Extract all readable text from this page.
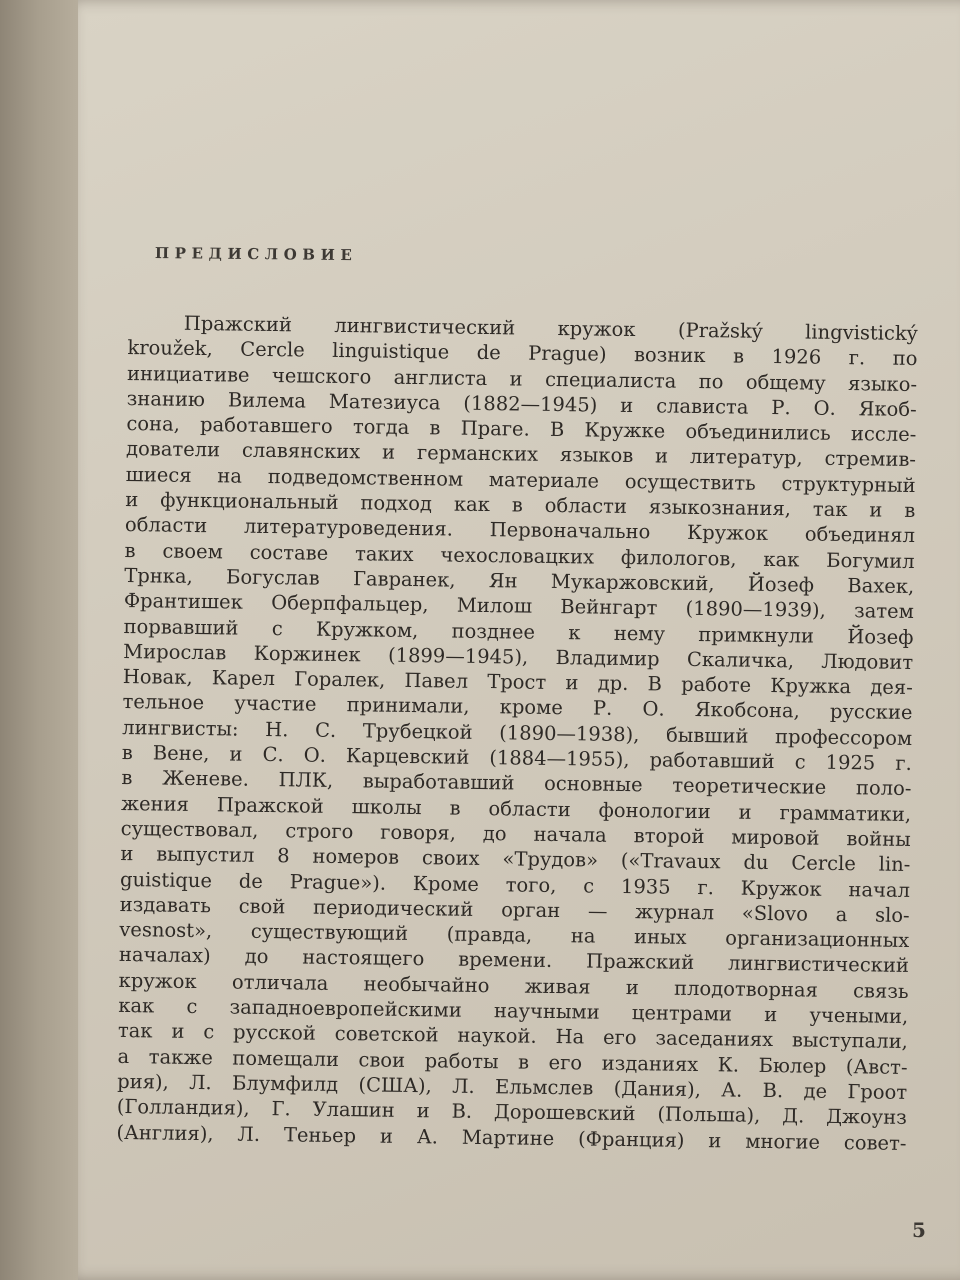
ПРЕДИСЛОВИЕ
Пражский лингвистический кружок (Pražský lingvistický
kroužek, Cercle linguistique de Prague) возник в 1926 г. по
инициативе чешского англиста и специалиста по общему языко-
знанию Вилема Матезиуса (1882—1945) и слависта Р. О. Якоб-
сона, работавшего тогда в Праге. В Кружке объединились иссле-
дователи славянских и германских языков и литератур, стремив-
шиеся на подведомственном материале осуществить структурный
и функциональный подход как в области языкознания, так и в
области литературоведения. Первоначально Кружок объединял
в своем составе таких чехословацких филологов, как Богумил
Трнка, Богуслав Гавранек, Ян Мукаржовский, Йозеф Вахек,
Франтишек Оберпфальцер, Милош Вейнгарт (1890—1939), затем
порвавший с Кружком, позднее к нему примкнули Йозеф
Мирослав Коржинек (1899—1945), Владимир Скаличка, Людовит
Новак, Карел Горалек, Павел Трост и др. В работе Кружка дея-
тельное участие принимали, кроме Р. О. Якобсона, русские
лингвисты: Н. С. Трубецкой (1890—1938), бывший профессором
в Вене, и С. О. Карцевский (1884—1955), работавший с 1925 г.
в Женеве. ПЛК, выработавший основные теоретические поло-
жения Пражской школы в области фонологии и грамматики,
существовал, строго говоря, до начала второй мировой войны
и выпустил 8 номеров своих «Трудов» («Travaux du Cercle lin-
guistique de Prague»). Кроме того, с 1935 г. Кружок начал
издавать свой периодический орган — журнал «Slovo a slo-
vesnost», существующий (правда, на иных организационных
началах) до настоящего времени. Пражский лингвистический
кружок отличала необычайно живая и плодотворная связь
как с западноевропейскими научными центрами и учеными,
так и с русской советской наукой. На его заседаниях выступали,
а также помещали свои работы в его изданиях К. Бюлер (Авст-
рия), Л. Блумфилд (США), Л. Ельмслев (Дания), А. В. де Гроот
(Голландия), Г. Улашин и В. Дорошевский (Польша), Д. Джоунз
(Англия), Л. Теньер и А. Мартине (Франция) и многие совет-
5
